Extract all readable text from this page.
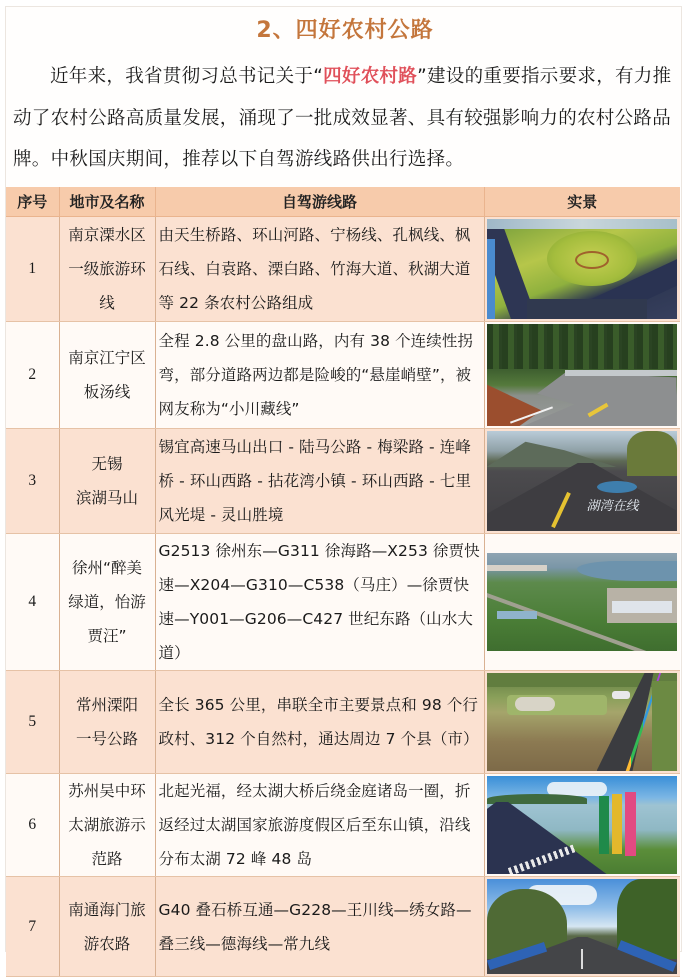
2、四好农村公路
近年来，我省贯彻习总书记关于“四好农村路”建设的重要指示要求，有力推动了农村公路高质量发展，涌现了一批成效显著、具有较强影响力的农村公路品牌。中秋国庆期间，推荐以下自驾游线路供出行选择。
序号	地市及名称	自驾游线路	实景
1	南京溧水区
一级旅游环
线	由天生桥路、环山河路、宁杨线、孔枫线、枫石线、白袁路、溧白路、竹海大道、秋湖大道等 22 条农村公路组成	

2	南京江宁区
板汤线	全程 2.8 公里的盘山路，内有 38 个连续性拐弯，部分道路两边都是险峻的“悬崖峭壁”，被网友称为“小川藏线”	

3	无锡
滨湖马山	锡宜高速马山出口 - 陆马公路 - 梅梁路 - 连峰桥 - 环山西路 - 拈花湾小镇 - 环山西路 - 七里风光堤 - 灵山胜境	湖湾在线

4	徐州“醉美
绿道，怡游
贾汪”	G2513 徐州东—G311 徐海路—X253 徐贾快速—X204—G310—C538（马庄）—徐贾快速—Y001—G206—C427 世纪东路（山水大道）	

5	常州溧阳
一号公路	全长 365 公里，串联全市主要景点和 98 个行政村、312 个自然村，通达周边 7 个县（市）	

6	苏州吴中环
太湖旅游示
范路	北起光福，经太湖大桥后绕金庭诸岛一圈，折返经过太湖国家旅游度假区后至东山镇，沿线分布太湖 72 峰 48 岛	

7	南通海门旅
游农路	G40 叠石桥互通—G228—王川线—绣女路—叠三线—德海线—常九线	
